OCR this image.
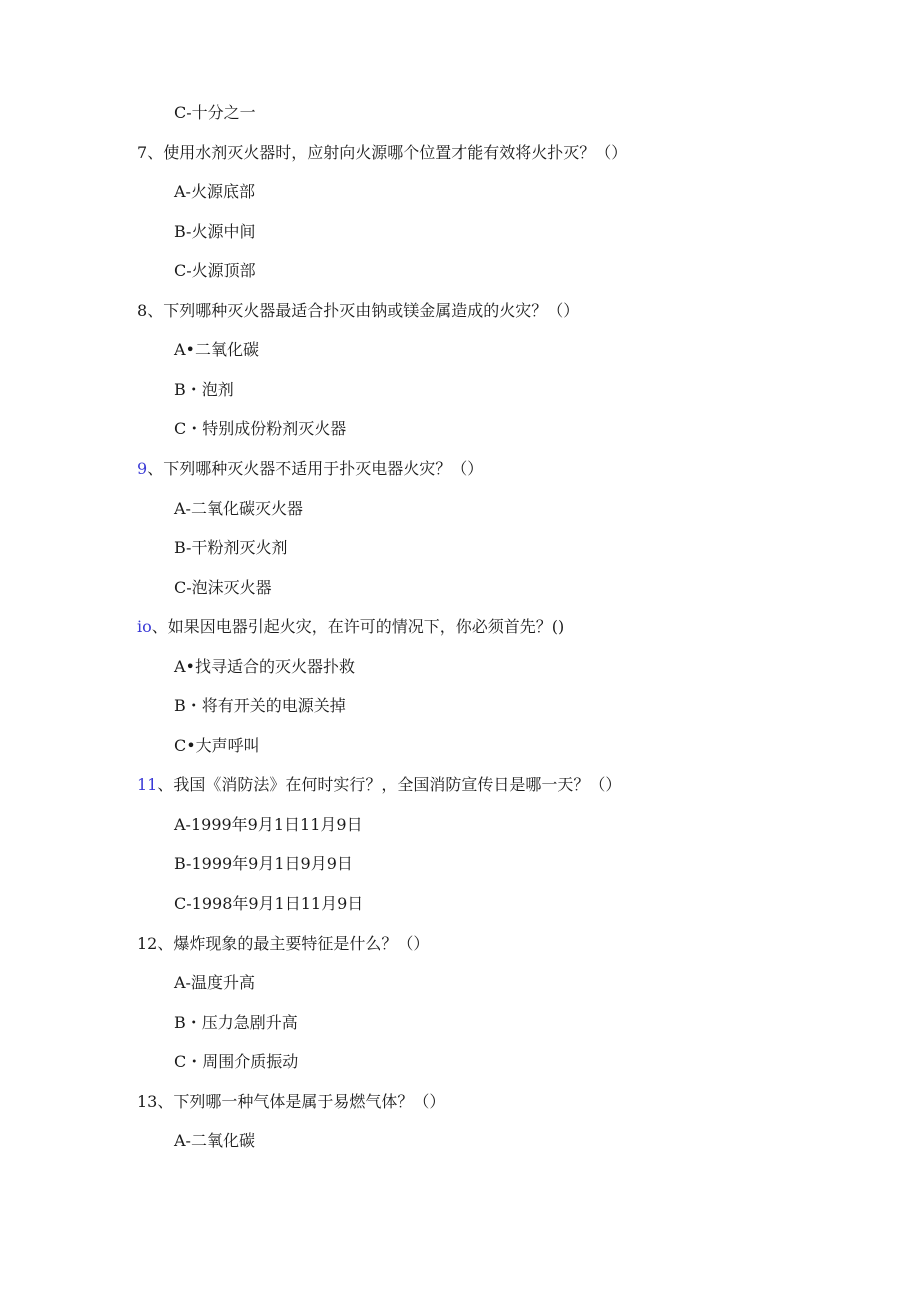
C-十分之一
7、使用水剂灭火器时，应射向火源哪个位置才能有效将火扑灭？（）
A-火源底部
B-火源中间
C-火源顶部
8、下列哪种灭火器最适合扑灭由钠或镁金属造成的火灾？（）
A•二氧化碳
B・泡剂
C・特别成份粉剂灭火器
9、下列哪种灭火器不适用于扑灭电器火灾？（）
A-二氧化碳灭火器
B-干粉剂灭火剂
C-泡沫灭火器
io、如果因电器引起火灾，在许可的情况下，你必须首先？()
A•找寻适合的灭火器扑救
B・将有开关的电源关掉
C•大声呼叫
11、我国《消防法》在何时实行？，全国消防宣传日是哪一天？（）
A-1999年9月1日11月9日
B-1999年9月1日9月9日
C-1998年9月1日11月9日
12、爆炸现象的最主要特征是什么？（）
A-温度升高
B・压力急剧升高
C・周围介质振动
13、下列哪一种气体是属于易燃气体？（）
A-二氧化碳
